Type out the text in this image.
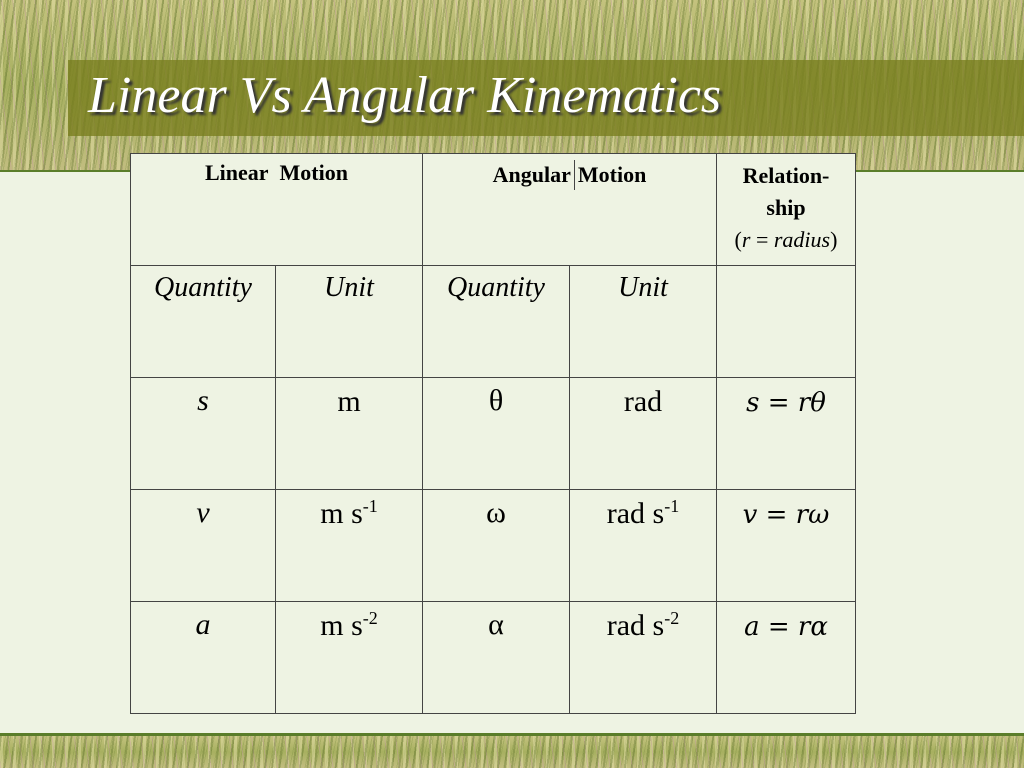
Linear Vs Angular Kinematics
Linear Motion		Angular Motion		Relation-
ship
(r = radius)

Quantity	Unit	Quantity	Unit	

s	m	θ	rad	s = rθ

v	m $s^{-1}$	ω	rad $s^{-1}$	v = rω

a	m $s^{-2}$	α	rad $s^{-2}$	a = rα
